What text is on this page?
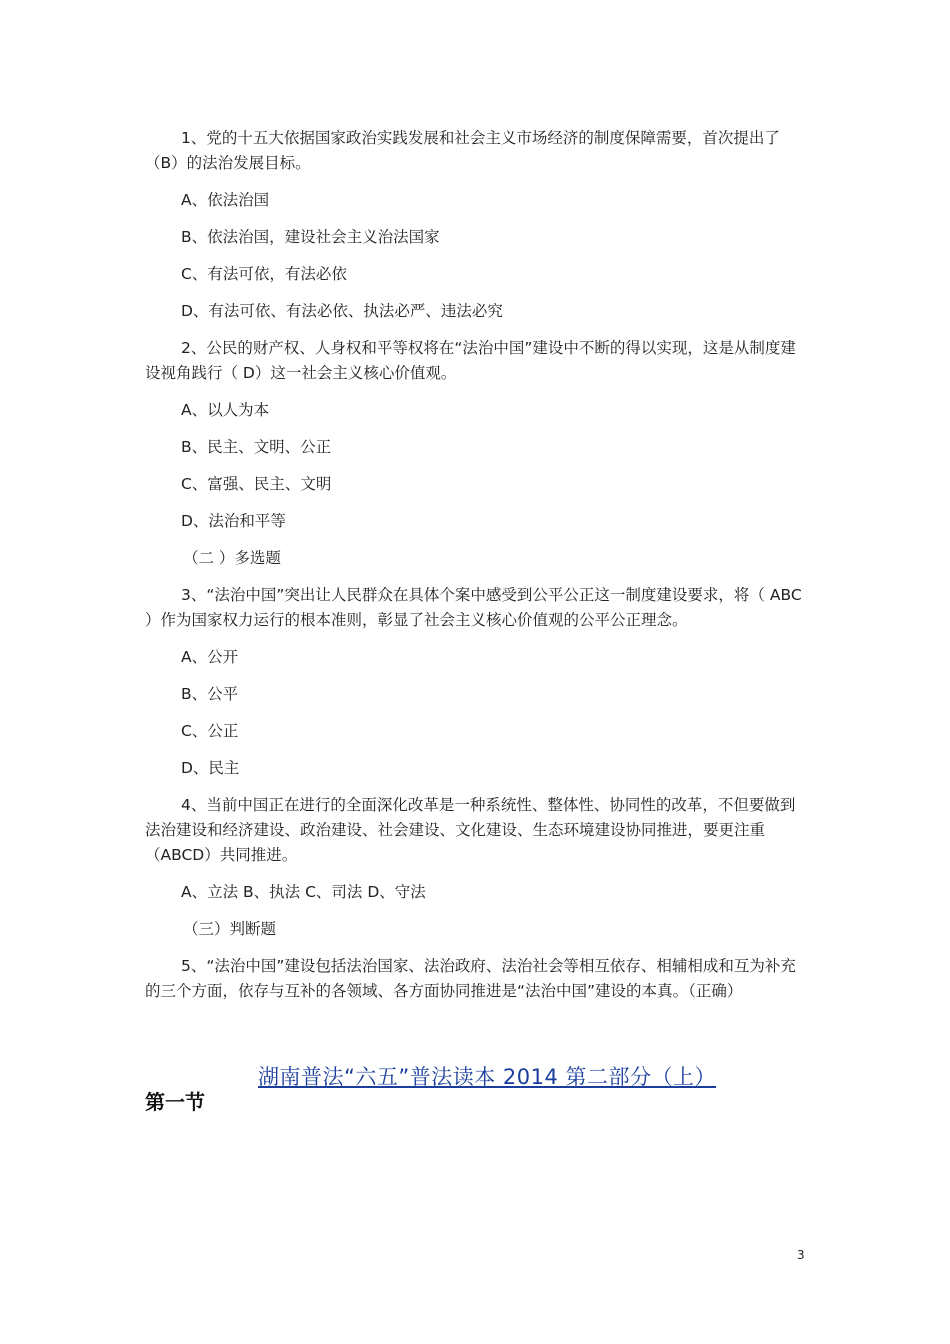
1、党的十五大依据国家政治实践发展和社会主义市场经济的制度保障需要，首次提出了（B）的法治发展目标。

A、依法治国

B、依法治国，建设社会主义治法国家

C、有法可依，有法必依

D、有法可依、有法必依、执法必严、违法必究

2、公民的财产权、人身权和平等权将在“法治中国”建设中不断的得以实现，这是从制度建设视角践行（ D）这一社会主义核心价值观。

A、以人为本

B、民主、文明、公正

C、富强、民主、文明

D、法治和平等

（二 ）多选题

3、“法治中国”突出让人民群众在具体个案中感受到公平公正这一制度建设要求，将（ ABC ）作为国家权力运行的根本准则，彰显了社会主义核心价值观的公平公正理念。

A、公开

B、公平

C、公正

D、民主

4、当前中国正在进行的全面深化改革是一种系统性、整体性、协同性的改革，不但要做到法治建设和经济建设、政治建设、社会建设、文化建设、生态环境建设协同推进，要更注重（ABCD）共同推进。

A、立法 B、执法 C、司法 D、守法

（三）判断题

5、“法治中国”建设包括法治国家、法治政府、法治社会等相互依存、相辅相成和互为补充的三个方面，依存与互补的各领域、各方面协同推进是“法治中国”建设的本真。（正确）

湖南普法“六五”普法读本 2014 第二部分（上）
第一节
3
